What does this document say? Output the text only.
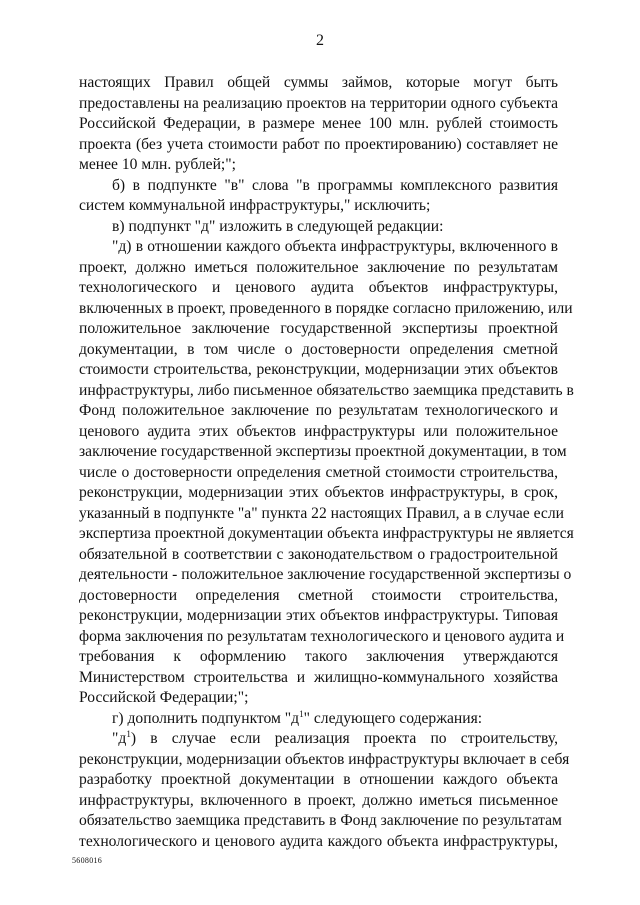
2
настоящих Правил общей суммы займов, которые могут быть
предоставлены на реализацию проектов на территории одного субъекта
Российской Федерации, в размере менее 100 млн. рублей стоимость
проекта (без учета стоимости работ по проектированию) составляет не
менее 10 млн. рублей;";
б) в подпункте "в" слова "в программы комплексного развития
систем коммунальной инфраструктуры," исключить;
в) подпункт "д" изложить в следующей редакции:
"д) в отношении каждого объекта инфраструктуры, включенного в
проект, должно иметься положительное заключение по результатам
технологического и ценового аудита объектов инфраструктуры,
включенных в проект, проведенного в порядке согласно приложению, или
положительное заключение государственной экспертизы проектной
документации, в том числе о достоверности определения сметной
стоимости строительства, реконструкции, модернизации этих объектов
инфраструктуры, либо письменное обязательство заемщика представить в
Фонд положительное заключение по результатам технологического и
ценового аудита этих объектов инфраструктуры или положительное
заключение государственной экспертизы проектной документации, в том
числе о достоверности определения сметной стоимости строительства,
реконструкции, модернизации этих объектов инфраструктуры, в срок,
указанный в подпункте "а" пункта 22 настоящих Правил, а в случае если
экспертиза проектной документации объекта инфраструктуры не является
обязательной в соответствии с законодательством о градостроительной
деятельности - положительное заключение государственной экспертизы о
достоверности определения сметной стоимости строительства,
реконструкции, модернизации этих объектов инфраструктуры. Типовая
форма заключения по результатам технологического и ценового аудита и
требования к оформлению такого заключения утверждаются
Министерством строительства и жилищно-коммунального хозяйства
Российской Федерации;";
г) дополнить подпунктом "$д^1$" следующего содержания:
"$д^1$) в случае если реализация проекта по строительству,
реконструкции, модернизации объектов инфраструктуры включает в себя
разработку проектной документации в отношении каждого объекта
инфраструктуры, включенного в проект, должно иметься письменное
обязательство заемщика представить в Фонд заключение по результатам
технологического и ценового аудита каждого объекта инфраструктуры,
5608016
